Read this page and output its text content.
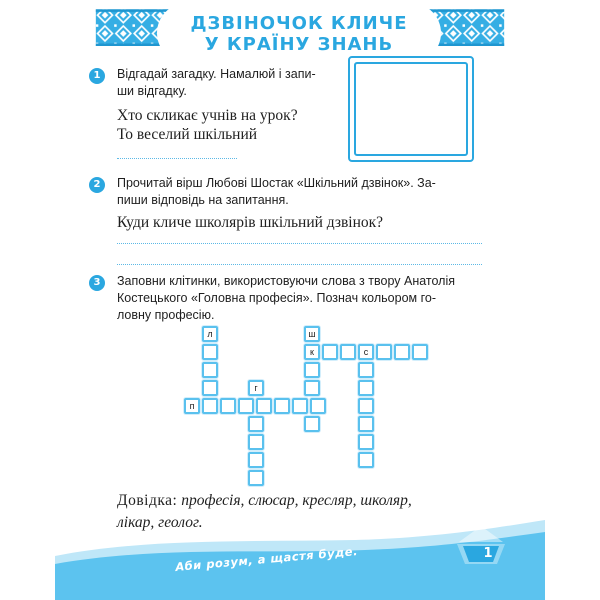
ДЗВІНОЧОК КЛИЧЕ
У КРАЇНУ ЗНАНЬ
1	Відгадай загадку. Намалюй і запи-
ши відгадку.
Хто скликає учнів на урок?
То веселий шкільний
2	Прочитай вірш Любові Шостак «Шкільний дзвінок». За-
пиши відповідь на запитання.
Куди кличе школярів шкільний дзвінок?
3	Заповни клітинки, використовуючи слова з твору Анатолія
Костецького «Головна професія». Познач кольором го-
ловну професію.
л
п
г
ш
к	с
Довідка: професія, слюсар, кресляр, школяр,
лікар, геолог.
Аби розум, а щастя буде.	1
